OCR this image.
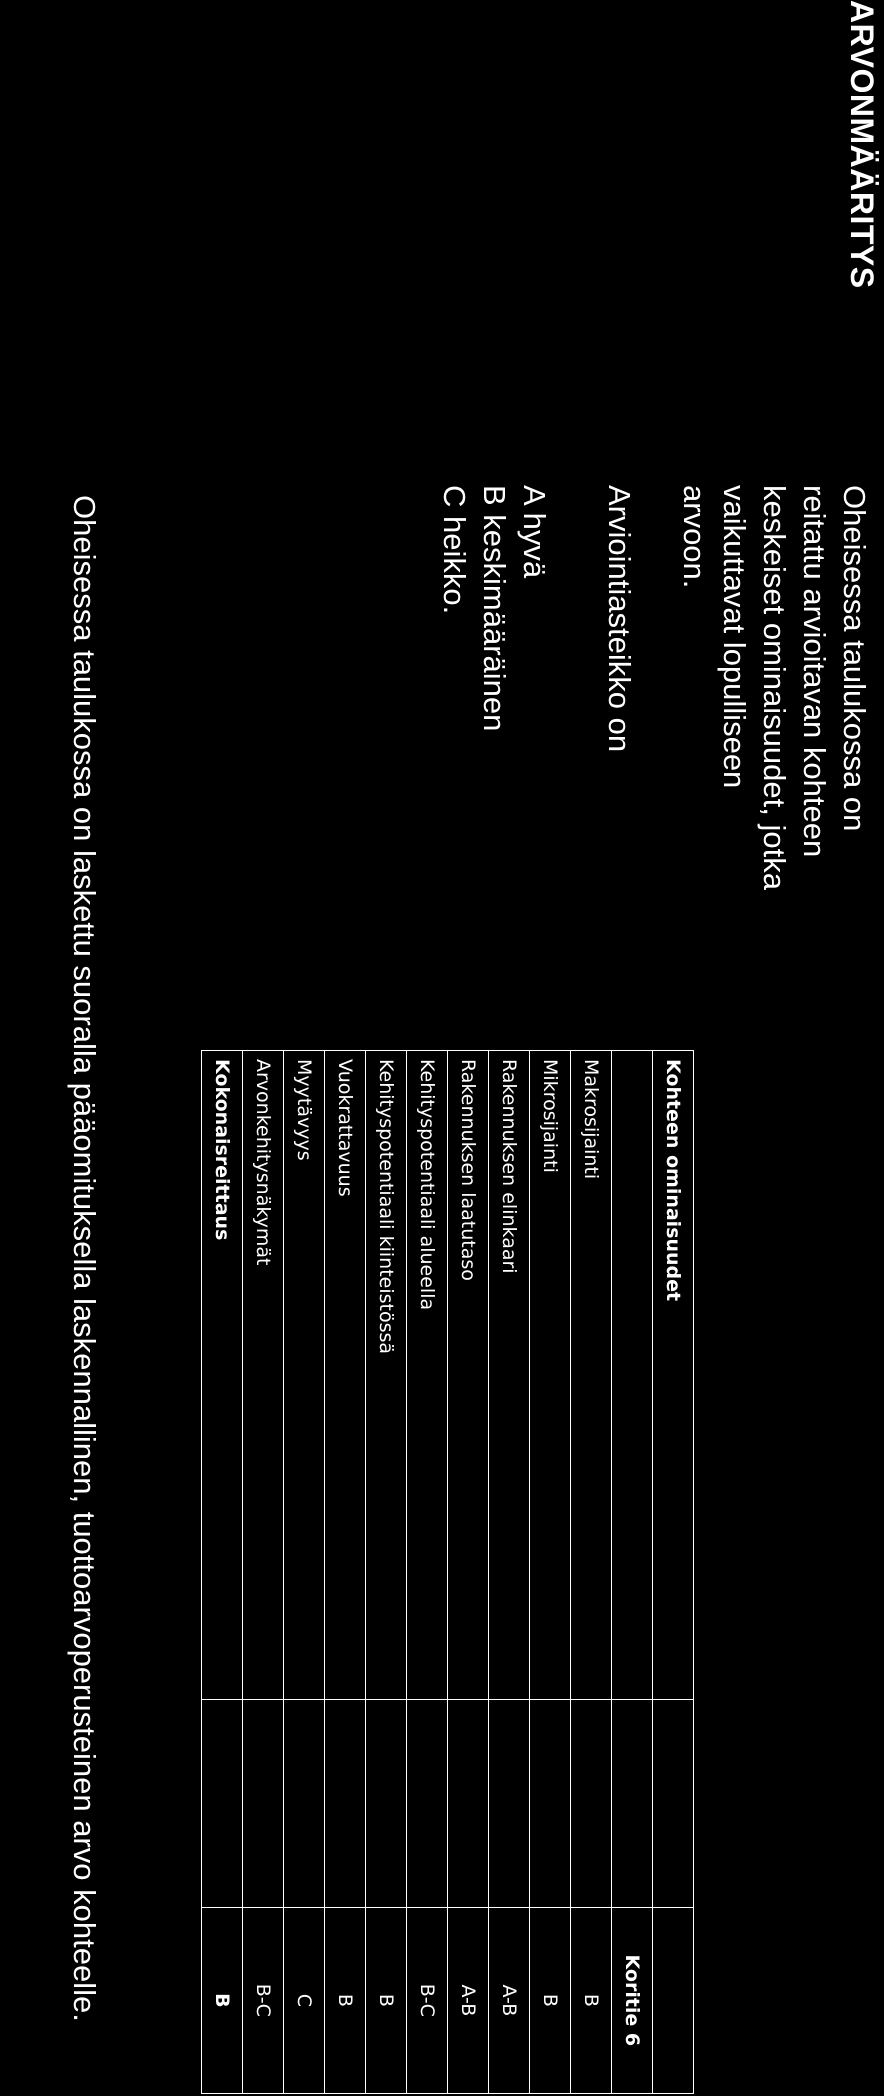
ARVONMÄÄRITYS
Oheisessa taulukossa on reitattu arvioitavan kohteen keskeiset ominaisuudet, jotka vaikuttavat lopulliseen arvoon.
Arviointiasteikko on
A hyvä
B keskimääräinen
C heikko.
Kohteen ominaisuudet		
		Koritie 6
Makrosijainti		B
Mikrosijainti		B
Rakennuksen elinkaari		A-B
Rakennuksen laatutaso		A-B
Kehityspotentiaali alueella		B-C
Kehityspotentiaali kiinteistössä		B
Vuokrattavuus		B
Myytävyys		C
Arvonkehitysnäkymät		B-C
Kokonaisreittaus		B
Oheisessa taulukossa on laskettu suoralla pääomituksella laskennallinen, tuottoarvoperusteinen arvo kohteelle.
